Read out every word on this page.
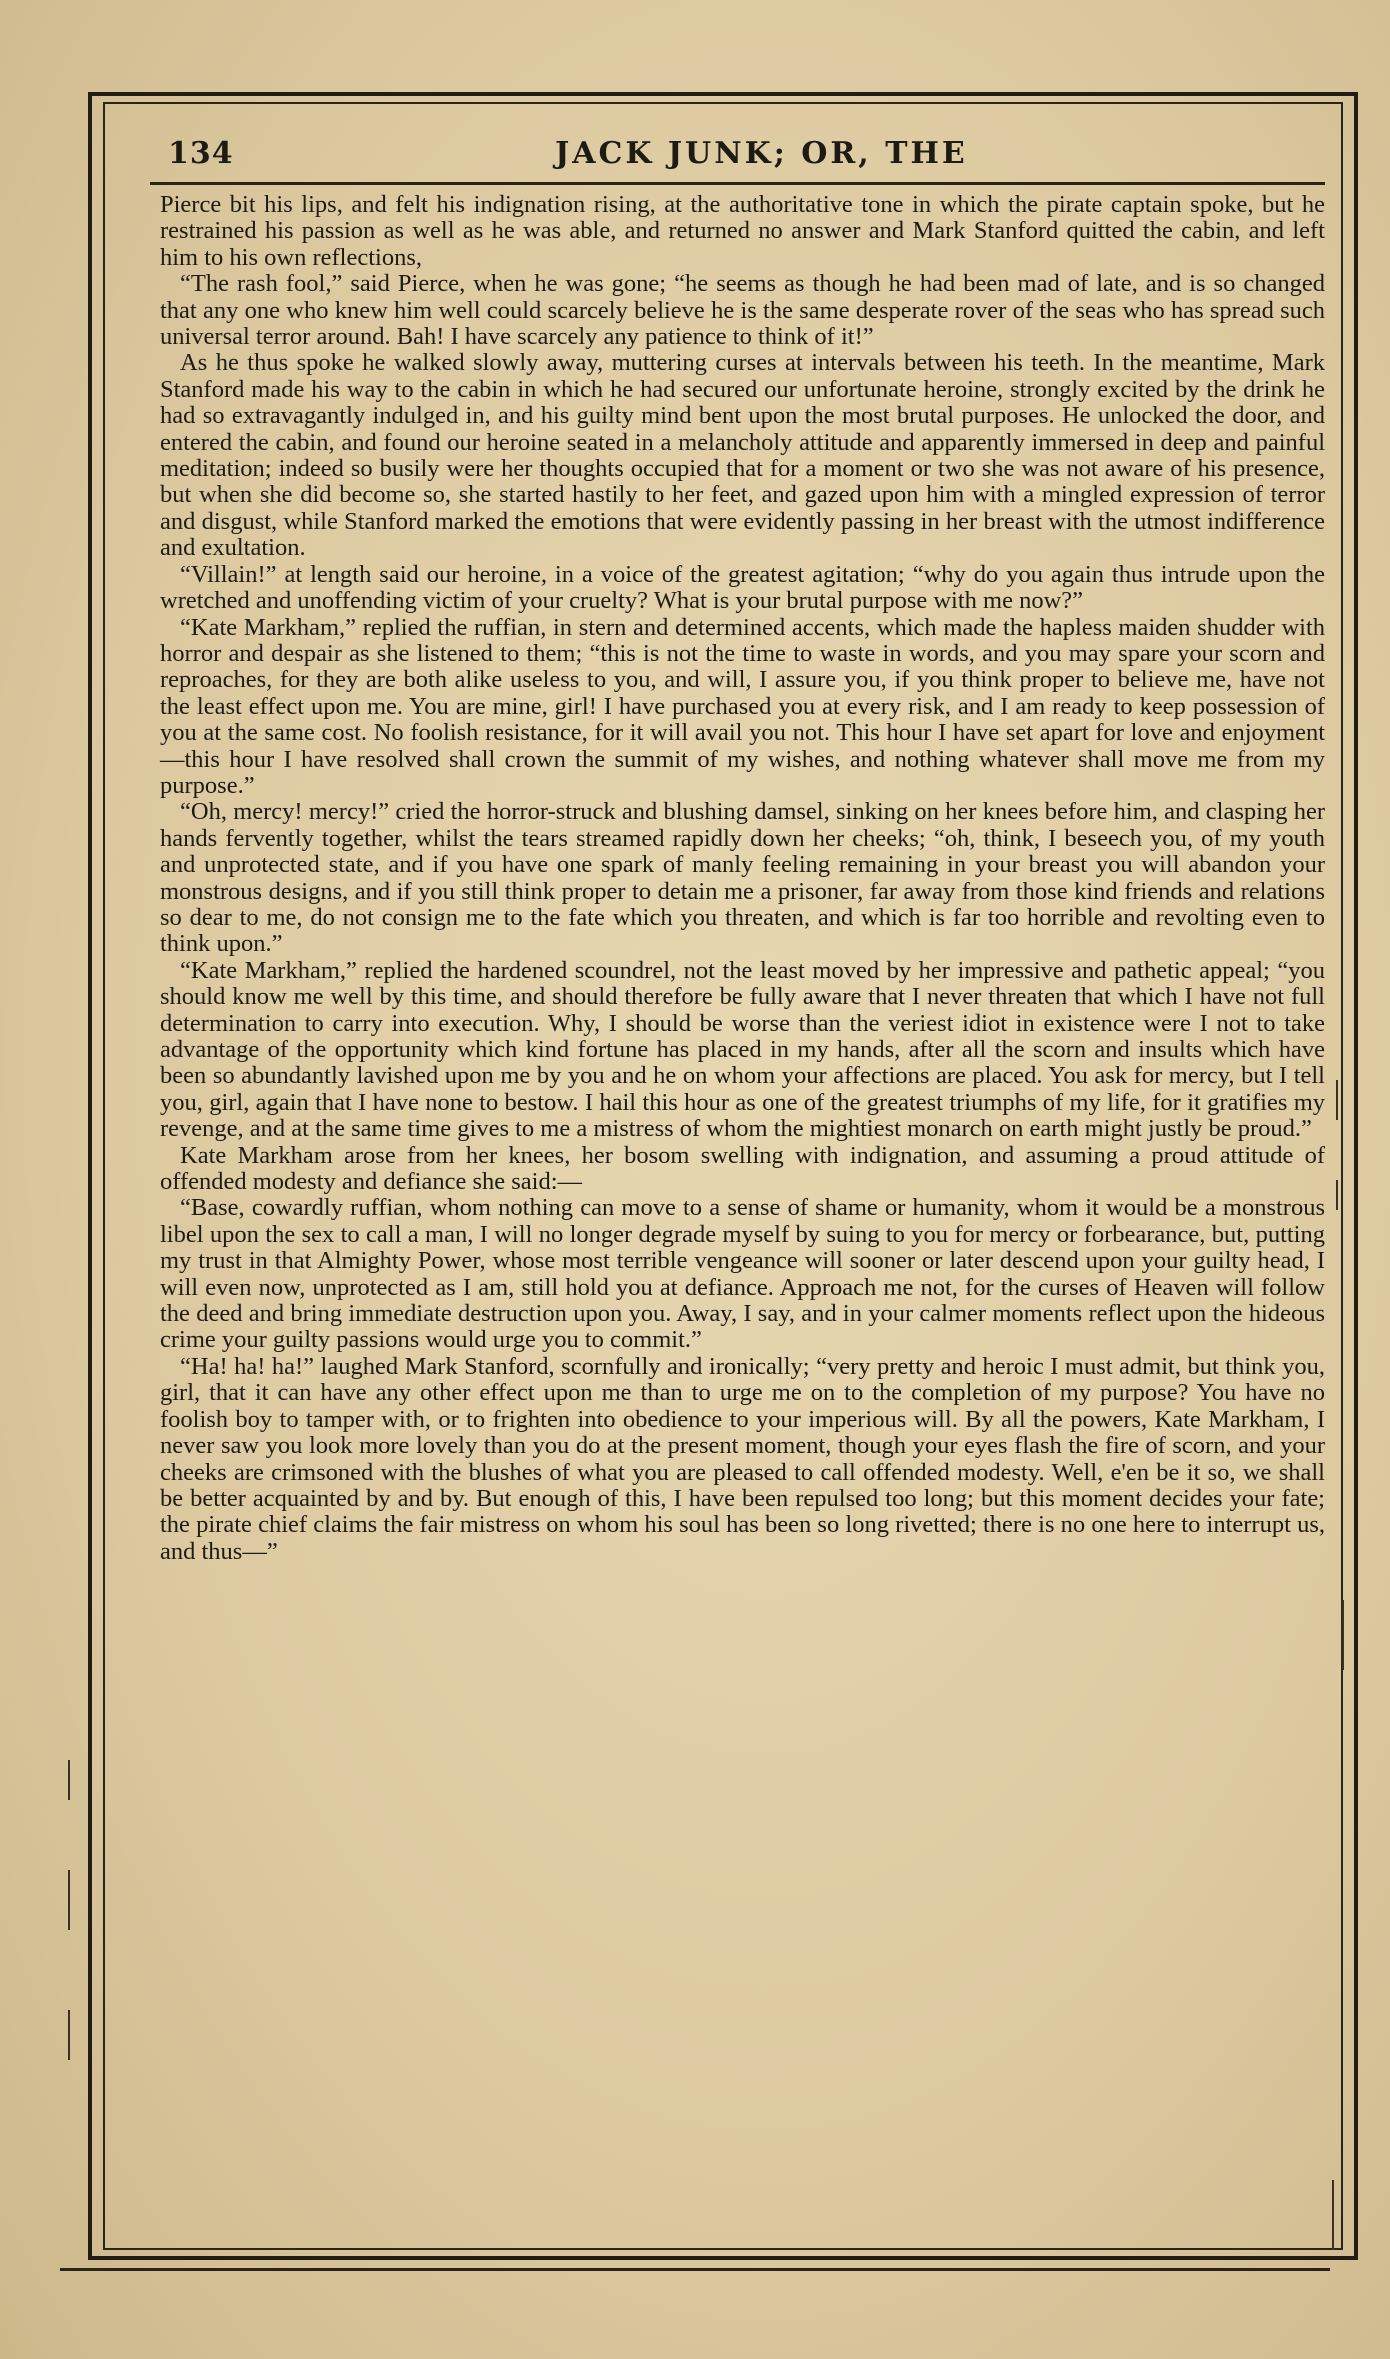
134	JACK JUNK; OR, THE

Pierce bit his lips, and felt his indignation rising, at the authoritative tone in which the pirate captain spoke, but he restrained his passion as well as he was able, and returned no answer and Mark Stanford quitted the cabin, and left him to his own reflections,

“The rash fool,” said Pierce, when he was gone; “he seems as though he had been mad of late, and is so changed that any one who knew him well could scarcely believe he is the same desperate rover of the seas who has spread such universal terror around. Bah! I have scarcely any patience to think of it!”

As he thus spoke he walked slowly away, muttering curses at intervals between his teeth. In the meantime, Mark Stanford made his way to the cabin in which he had secured our unfortunate heroine, strongly excited by the drink he had so extravagantly indulged in, and his guilty mind bent upon the most brutal purposes. He unlocked the door, and entered the cabin, and found our heroine seated in a melancholy attitude and apparently immersed in deep and painful meditation; indeed so busily were her thoughts occupied that for a moment or two she was not aware of his presence, but when she did become so, she started hastily to her feet, and gazed upon him with a mingled expression of terror and disgust, while Stanford marked the emotions that were evidently passing in her breast with the utmost indifference and exultation.

“Villain!” at length said our heroine, in a voice of the greatest agitation; “why do you again thus intrude upon the wretched and unoffending victim of your cruelty? What is your brutal purpose with me now?”

“Kate Markham,” replied the ruffian, in stern and determined accents, which made the hapless maiden shudder with horror and despair as she listened to them; “this is not the time to waste in words, and you may spare your scorn and reproaches, for they are both alike useless to you, and will, I assure you, if you think proper to believe me, have not the least effect upon me. You are mine, girl! I have purchased you at every risk, and I am ready to keep possession of you at the same cost. No foolish resistance, for it will avail you not. This hour I have set apart for love and enjoyment—this hour I have resolved shall crown the summit of my wishes, and nothing whatever shall move me from my purpose.”

“Oh, mercy! mercy!” cried the horror-struck and blushing damsel, sinking on her knees before him, and clasping her hands fervently together, whilst the tears streamed rapidly down her cheeks; “oh, think, I beseech you, of my youth and unprotected state, and if you have one spark of manly feeling remaining in your breast you will abandon your monstrous designs, and if you still think proper to detain me a prisoner, far away from those kind friends and relations so dear to me, do not consign me to the fate which you threaten, and which is far too horrible and revolting even to think upon.”

“Kate Markham,” replied the hardened scoundrel, not the least moved by her impressive and pathetic appeal; “you should know me well by this time, and should therefore be fully aware that I never threaten that which I have not full determination to carry into execution. Why, I should be worse than the veriest idiot in existence were I not to take advantage of the opportunity which kind fortune has placed in my hands, after all the scorn and insults which have been so abundantly lavished upon me by you and he on whom your affections are placed. You ask for mercy, but I tell you, girl, again that I have none to bestow. I hail this hour as one of the greatest triumphs of my life, for it gratifies my revenge, and at the same time gives to me a mistress of whom the mightiest monarch on earth might justly be proud.”

Kate Markham arose from her knees, her bosom swelling with indignation, and assuming a proud attitude of offended modesty and defiance she said:—

“Base, cowardly ruffian, whom nothing can move to a sense of shame or humanity, whom it would be a monstrous libel upon the sex to call a man, I will no longer degrade myself by suing to you for mercy or forbearance, but, putting my trust in that Almighty Power, whose most terrible vengeance will sooner or later descend upon your guilty head, I will even now, unprotected as I am, still hold you at defiance. Approach me not, for the curses of Heaven will follow the deed and bring immediate destruction upon you. Away, I say, and in your calmer moments reflect upon the hideous crime your guilty passions would urge you to commit.”

“Ha! ha! ha!” laughed Mark Stanford, scornfully and ironically; “very pretty and heroic I must admit, but think you, girl, that it can have any other effect upon me than to urge me on to the completion of my purpose? You have no foolish boy to tamper with, or to frighten into obedience to your imperious will. By all the powers, Kate Markham, I never saw you look more lovely than you do at the present moment, though your eyes flash the fire of scorn, and your cheeks are crimsoned with the blushes of what you are pleased to call offended modesty. Well, e'en be it so, we shall be better acquainted by and by. But enough of this, I have been repulsed too long; but this moment decides your fate; the pirate chief claims the fair mistress on whom his soul has been so long rivetted; there is no one here to interrupt us, and thus—”
